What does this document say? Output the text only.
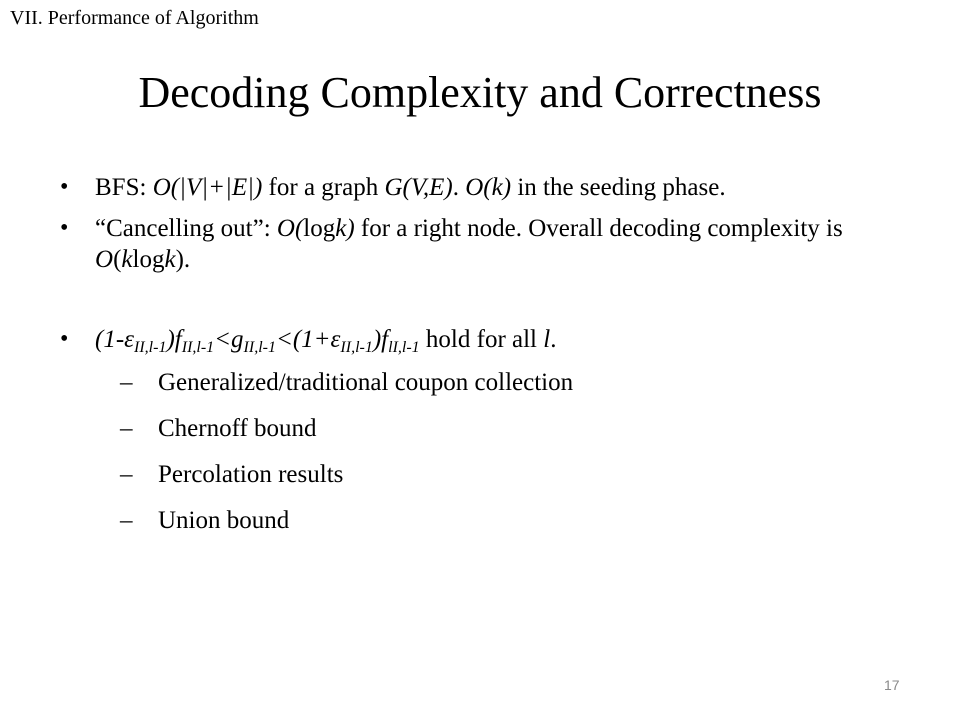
VII. Performance of Algorithm
Decoding Complexity and Correctness
• BFS: O(|V|+|E|) for a graph G(V,E). O(k) in the seeding phase.
• “Cancelling out”: O(logk) for a right node. Overall decoding complexity is O(klogk).
• $(1-\varepsilon_{II,l-1})f_{II,l-1}<g_{II,l-1}<(1+\varepsilon_{II,l-1})f_{lI,l-1}$ hold for all l.
– Generalized/traditional coupon collection
– Chernoff bound
– Percolation results
– Union bound
17
